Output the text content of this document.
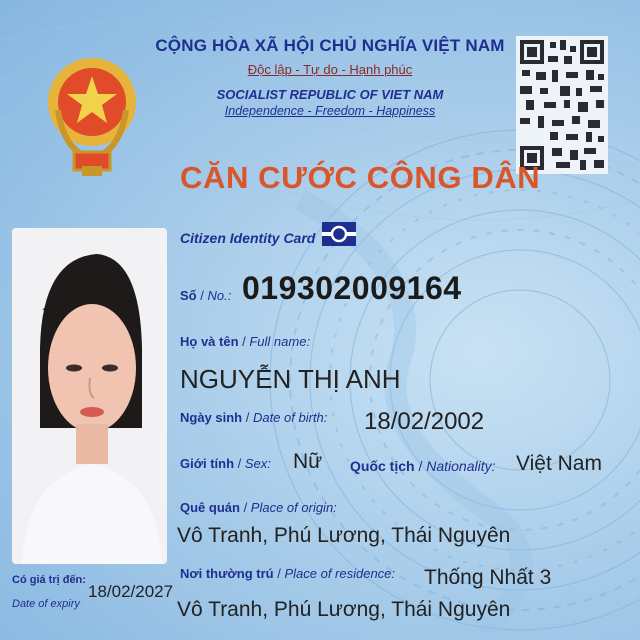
CỘNG HÒA XÃ HỘI CHỦ NGHĨA VIỆT NAM
Độc lập - Tự do - Hạnh phúc
SOCIALIST REPUBLIC OF VIET NAM
Independence - Freedom - Happiness
CĂN CƯỚC CÔNG DÂN
Citizen Identity Card
Số / No.: 019302009164
Họ và tên / Full name:
NGUYỄN THỊ ANH
Ngày sinh / Date of birth: 18/02/2002
Giới tính / Sex: Nữ Quốc tịch / Nationality: Việt Nam
Quê quán / Place of origin:
Vô Tranh, Phú Lương, Thái Nguyên
Nơi thường trú / Place of residence: Thống Nhất 3
Vô Tranh, Phú Lương, Thái Nguyên
Có giá trị đến:
Date of expiry
18/02/2027
